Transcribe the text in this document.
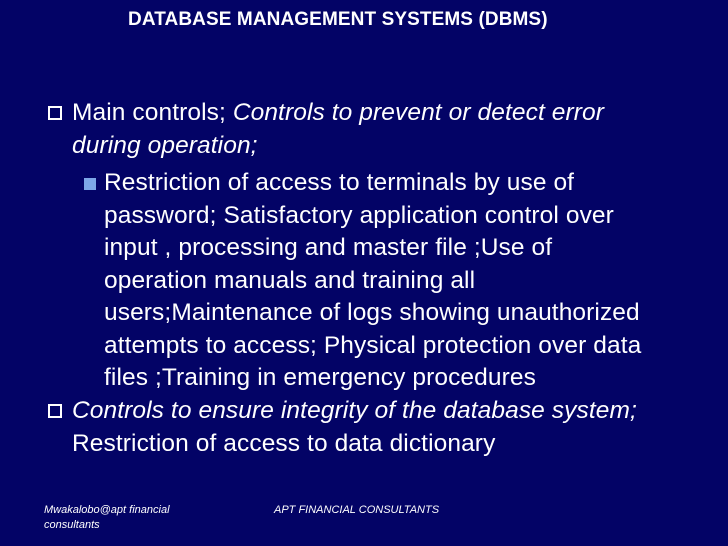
DATABASE MANAGEMENT SYSTEMS (DBMS)
Main controls; Controls to prevent or detect error
during operation;
Restriction of access to terminals by use of
password; Satisfactory application control over
input , processing and master file ;Use of
operation manuals and training all
users;Maintenance of logs showing unauthorized
attempts to access; Physical protection over data
files ;Training in emergency procedures
Controls to ensure integrity of the database system;
Restriction of access to data dictionary
Mwakalobo@apt financial
consultants
APT FINANCIAL CONSULTANTS
